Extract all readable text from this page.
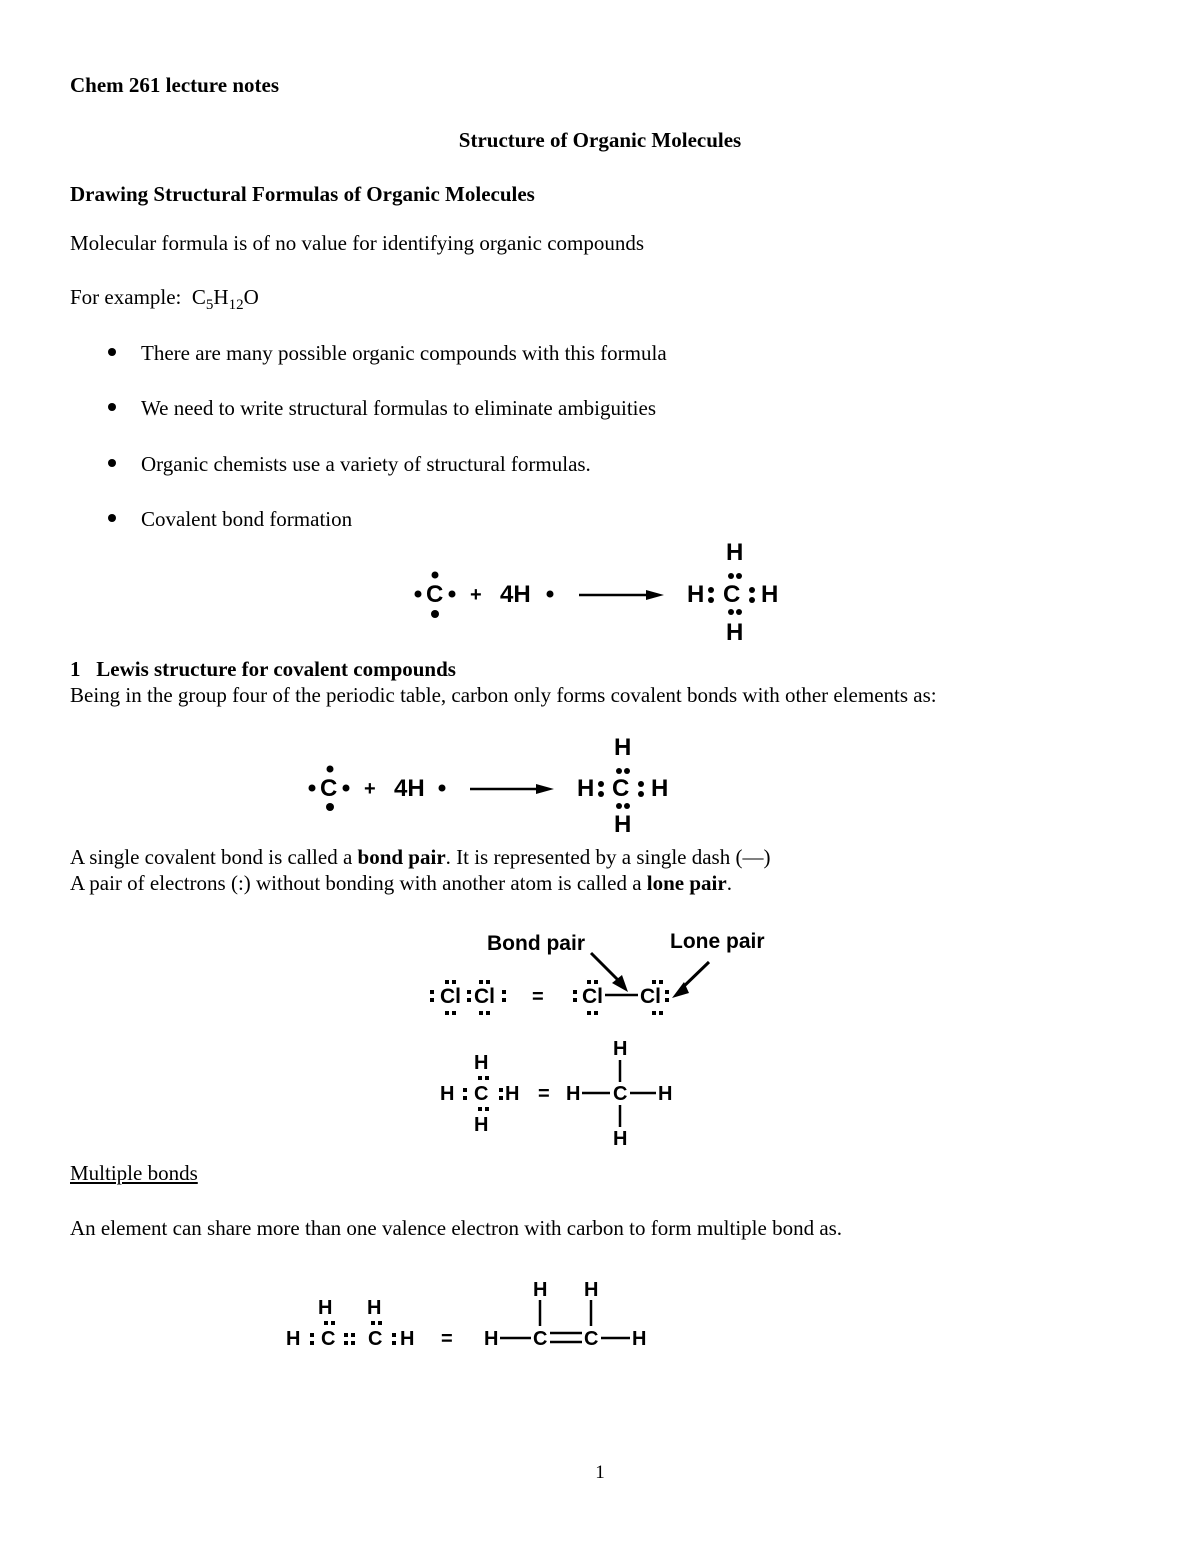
Chem 261 lecture notes
Structure of Organic Molecules
Drawing Structural Formulas of Organic Molecules
Molecular formula is of no value for identifying organic compounds
For example: $C_5H_{12}O$
There are many possible organic compounds with this formula
We need to write structural formulas to eliminate ambiguities
Organic chemists use a variety of structural formulas.
Covalent bond formation
C + 4H
H
H C H
H
1 Lewis structure for covalent compounds
Being in the group four of the periodic table, carbon only forms covalent bonds with other elements as:
C + 4H
H
H C H
H
A single covalent bond is called a bond pair. It is represented by a single dash (—)
A pair of electrons (:) without bonding with another atom is called a lone pair.
Bond pair	Lone pair
Cl Cl = Cl Cl
H
H C H
H
=
H
H C H
H
Multiple bonds
An element can share more than one valence electron with carbon to form multiple bond as.
H H
H C C H =
H H
H C C H
1
